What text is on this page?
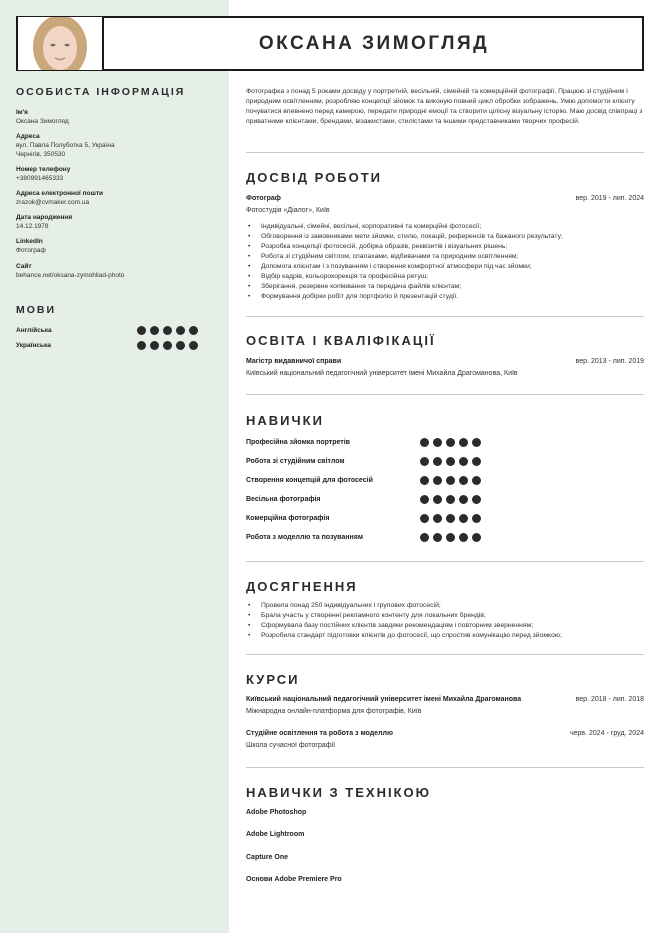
ОКСАНА ЗИМОГЛЯД
ОСОБИСТА ІНФОРМАЦІЯ
Ім'я
Оксана Зимогляд
Адреса
вул. Павла Полуботка 5, Україна
Чернігів, 350530
Номер телефону
+380991465333
Адреса електронної пошти
zrazok@cvmaker.com.ua
Дата народження
14.12.1978
LinkedIn
Фотограф
Сайт
behance.net/oksana-zymohliad-photo
МОВИ
Англійська
Українська
Фотографка з понад 5 роками досвіду у портретній, весільній, сімейній та комерційній фотографії. Працюю зі студійним і природним освітленням, розробляю концепції зйомок та виконую повний цикл обробки зображень. Умію допомогти клієнту почуватися впевнено перед камерою, передати природні емоції та створити цілісну візуальну історію. Маю досвід співпраці з приватними клієнтами, брендами, візажистами, стилістами та іншими представниками творчих професій.
ДОСВІД РОБОТИ
Фотограф	вер. 2019 - лип. 2024
Фотостудія «Діалог», Київ
• Індивідуальні, сімейні, весільні, корпоративні та комерційні фотосесії;
• Обговорення із замовниками мети зйомки, стилю, локацій, референсів та бажаного результату;
• Розробка концепції фотосесій, добірка образів, реквізитів і візуальних рішень;
• Робота зі студійним світлом, спалахами, відбивачами та природним освітленням;
• Допомога клієнтам і з позуванням і створення комфортної атмосфери під час зйомки;
• Відбір кадрів, кольорокорекція та професійна ретуш;
• Зберігання, резервне копіювання та передача файлів клієнтам;
• Формування добірки робіт для портфоліо й презентацій студії.
ОСВІТА І КВАЛІФІКАЦІЇ
Магістр видавничої справи	вер. 2013 - лип. 2019
Київський національний педагогічний університет імені Михайла Драгоманова, Київ
НАВИЧКИ
Професійна зйомка портретів
Робота зі студійним світлом
Створення концепцій для фотосесій
Весільна фотографія
Комерційна фотографія
Робота з моделлю та позуванням
ДОСЯГНЕННЯ
• Провела понад 250 індивідуальних і групових фотосесій;
• Брала участь у створенні рекламного контенту для локальних брендів;
• Сформувала базу постійних клієнтів завдяки рекомендаціям і повторним зверненням;
• Розробила стандарт підготовки клієнтів до фотосесії, що спростив комунікацію перед зйомкою;
КУРСИ
Київський національний педагогічний університет імені Михайла Драгоманова	вер. 2018 - лип. 2018
Міжнародна онлайн-платформа для фотографів, Київ
Студійне освітлення та робота з моделлю	черв. 2024 - груд. 2024
Школа сучасної фотографії
НАВИЧКИ З ТЕХНІКОЮ
Adobe Photoshop
Adobe Lightroom
Capture One
Основи Adobe Premiere Pro
